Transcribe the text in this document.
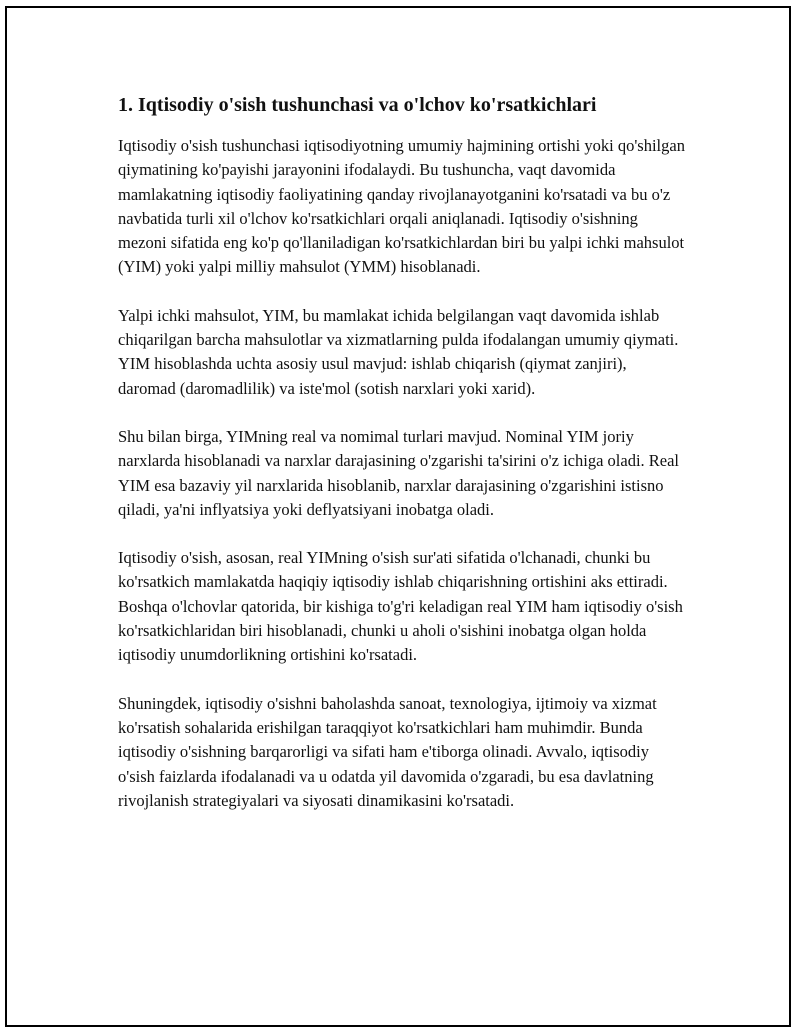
1. Iqtisodiy o'sish tushunchasi va o'lchov ko'rsatkichlari

Iqtisodiy o'sish tushunchasi iqtisodiyotning umumiy hajmining ortishi yoki qo'shilgan qiymatining ko'payishi jarayonini ifodalaydi. Bu tushuncha, vaqt davomida mamlakatning iqtisodiy faoliyatining qanday rivojlanayotganini ko'rsatadi va bu o'z navbatida turli xil o'lchov ko'rsatkichlari orqali aniqlanadi. Iqtisodiy o'sishning mezoni sifatida eng ko'p qo'llaniladigan ko'rsatkichlardan biri bu yalpi ichki mahsulot (YIM) yoki yalpi milliy mahsulot (YMM) hisoblanadi.

Yalpi ichki mahsulot, YIM, bu mamlakat ichida belgilangan vaqt davomida ishlab chiqarilgan barcha mahsulotlar va xizmatlarning pulda ifodalangan umumiy qiymati. YIM hisoblashda uchta asosiy usul mavjud: ishlab chiqarish (qiymat zanjiri), daromad (daromadlilik) va iste'mol (sotish narxlari yoki xarid).

Shu bilan birga, YIMning real va nomimal turlari mavjud. Nominal YIM joriy narxlarda hisoblanadi va narxlar darajasining o'zgarishi ta'sirini o'z ichiga oladi. Real YIM esa bazaviy yil narxlarida hisoblanib, narxlar darajasining o'zgarishini istisno qiladi, ya'ni inflyatsiya yoki deflyatsiyani inobatga oladi.

Iqtisodiy o'sish, asosan, real YIMning o'sish sur'ati sifatida o'lchanadi, chunki bu ko'rsatkich mamlakatda haqiqiy iqtisodiy ishlab chiqarishning ortishini aks ettiradi. Boshqa o'lchovlar qatorida, bir kishiga to'g'ri keladigan real YIM ham iqtisodiy o'sish ko'rsatkichlaridan biri hisoblanadi, chunki u aholi o'sishini inobatga olgan holda iqtisodiy unumdorlikning ortishini ko'rsatadi.

Shuningdek, iqtisodiy o'sishni baholashda sanoat, texnologiya, ijtimoiy va xizmat ko'rsatish sohalarida erishilgan taraqqiyot ko'rsatkichlari ham muhimdir. Bunda iqtisodiy o'sishning barqarorligi va sifati ham e'tiborga olinadi. Avvalo, iqtisodiy o'sish faizlarda ifodalanadi va u odatda yil davomida o'zgaradi, bu esa davlatning rivojlanish strategiyalari va siyosati dinamikasini ko'rsatadi.
